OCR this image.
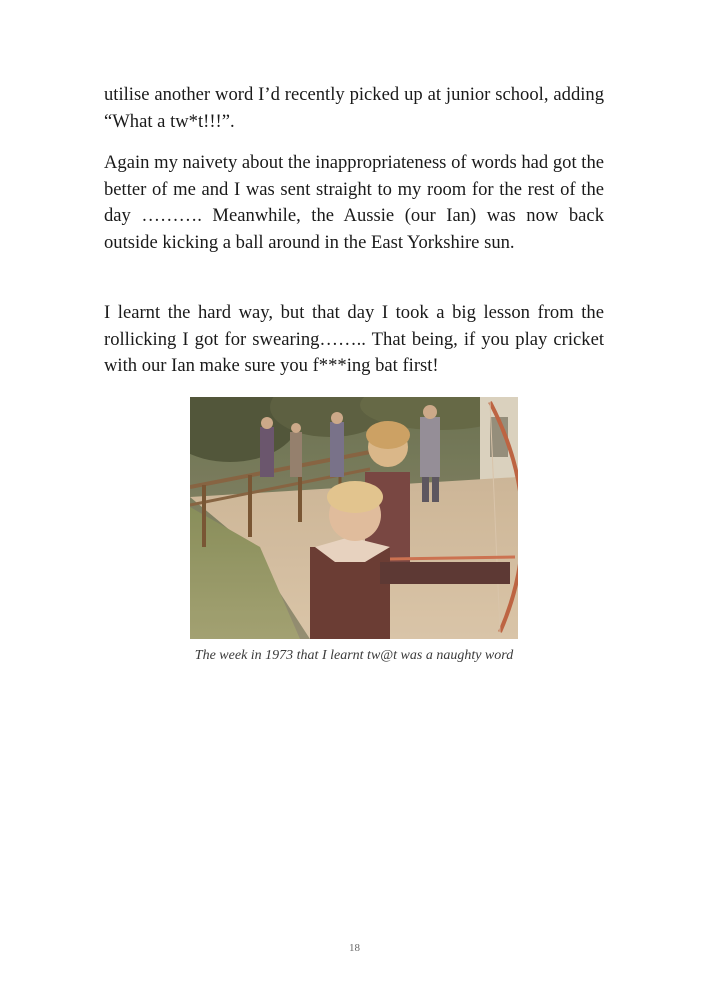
utilise another word I’d recently picked up at junior school, adding “What a tw*t!!!”.

Again my naivety about the inappropriateness of words had got the better of me and I was sent straight to my room for the rest of the day ………. Meanwhile, the Aussie (our Ian) was now back outside kicking a ball around in the East Yorkshire sun.

I learnt the hard way, but that day I took a big lesson from the rollicking I got for swearing…….. That being, if you play cricket with our Ian make sure you f***ing bat first!

The week in 1973 that I learnt tw@t was a naughty word
18
